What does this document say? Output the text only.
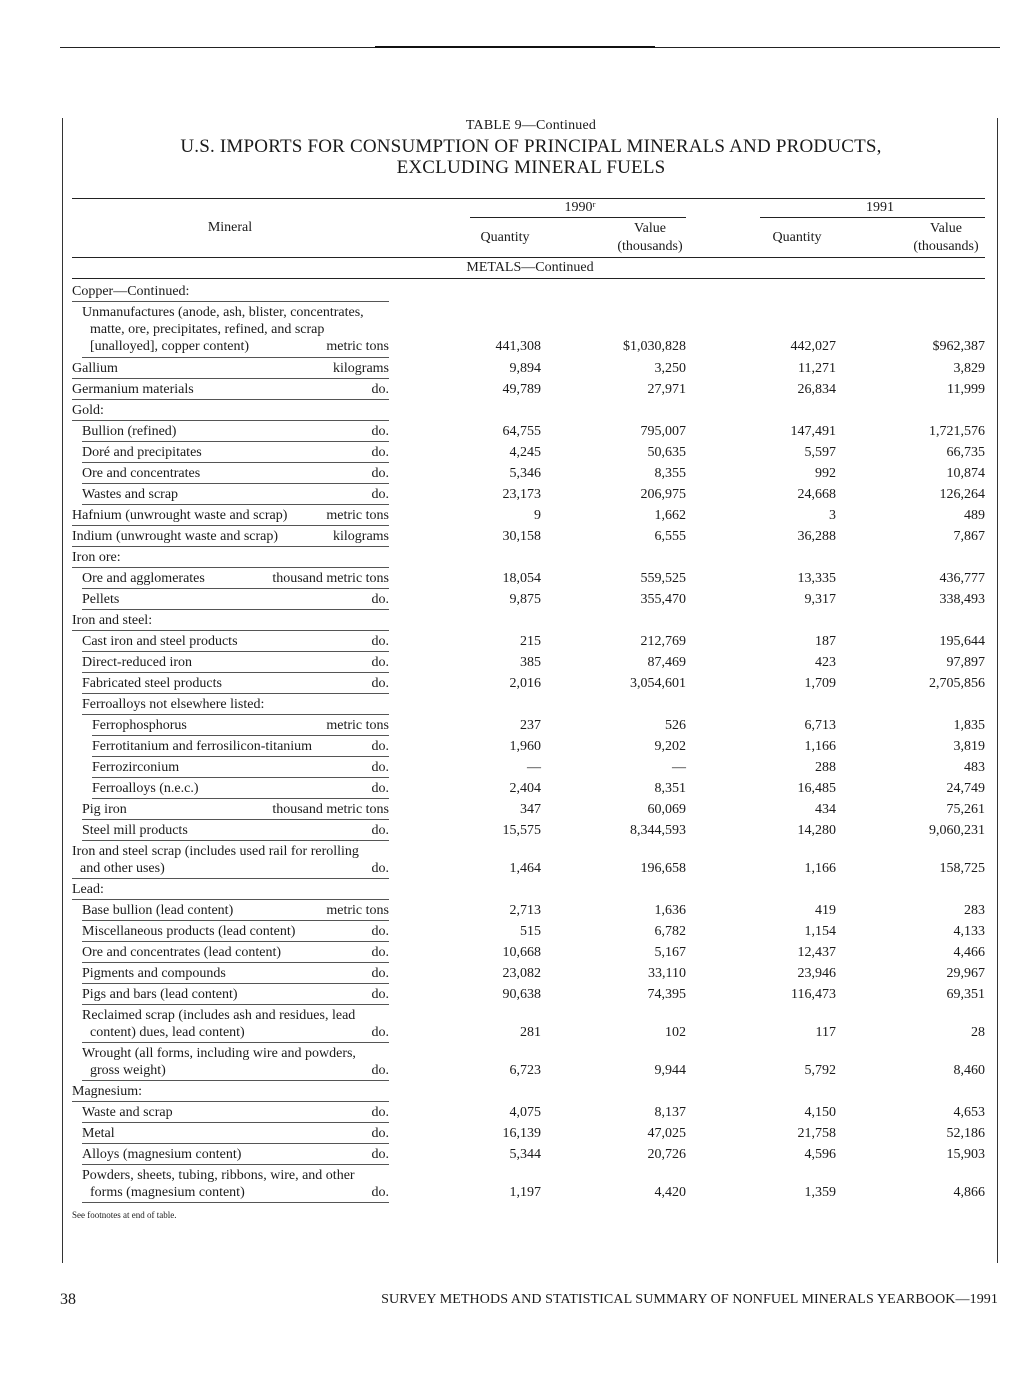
TABLE 9—Continued
U.S. IMPORTS FOR CONSUMPTION OF PRINCIPAL MINERALS AND PRODUCTS,
EXCLUDING MINERAL FUELS
Mineral
1990ʳ	1991
Quantity
Value
(thousands)
Quantity
Value
(thousands)
METALS—Continued
Copper—Continued:
Unmanufactures (anode, ash, blister, concentrates,
matte, ore, precipitates, refined, and scrap
[unalloyed], copper content)	metric tons	441,308	$1,030,828	442,027	$962,387
Gallium	kilograms	9,894	3,250	11,271	3,829
Germanium materials	do.	49,789	27,971	26,834	11,999
Gold:
Bullion (refined)	do.	64,755	795,007	147,491	1,721,576
Doré and precipitates	do.	4,245	50,635	5,597	66,735
Ore and concentrates	do.	5,346	8,355	992	10,874
Wastes and scrap	do.	23,173	206,975	24,668	126,264
Hafnium (unwrought waste and scrap)	metric tons	9	1,662	3	489
Indium (unwrought waste and scrap)	kilograms	30,158	6,555	36,288	7,867
Iron ore:
Ore and agglomerates	thousand metric tons	18,054	559,525	13,335	436,777
Pellets	do.	9,875	355,470	9,317	338,493
Iron and steel:
Cast iron and steel products	do.	215	212,769	187	195,644
Direct-reduced iron	do.	385	87,469	423	97,897
Fabricated steel products	do.	2,016	3,054,601	1,709	2,705,856
Ferroalloys not elsewhere listed:
Ferrophosphorus	metric tons	237	526	6,713	1,835
Ferrotitanium and ferrosilicon-titanium	do.	1,960	9,202	1,166	3,819
Ferrozirconium	do.	—	—	288	483
Ferroalloys (n.e.c.)	do.	2,404	8,351	16,485	24,749
Pig iron	thousand metric tons	347	60,069	434	75,261
Steel mill products	do.	15,575	8,344,593	14,280	9,060,231
Iron and steel scrap (includes used rail for rerolling
and other uses)	do.	1,464	196,658	1,166	158,725
Lead:
Base bullion (lead content)	metric tons	2,713	1,636	419	283
Miscellaneous products (lead content)	do.	515	6,782	1,154	4,133
Ore and concentrates (lead content)	do.	10,668	5,167	12,437	4,466
Pigments and compounds	do.	23,082	33,110	23,946	29,967
Pigs and bars (lead content)	do.	90,638	74,395	116,473	69,351
Reclaimed scrap (includes ash and residues, lead
content) dues, lead content)	do.	281	102	117	28
Wrought (all forms, including wire and powders,
gross weight)	do.	6,723	9,944	5,792	8,460
Magnesium:
Waste and scrap	do.	4,075	8,137	4,150	4,653
Metal	do.	16,139	47,025	21,758	52,186
Alloys (magnesium content)	do.	5,344	20,726	4,596	15,903
Powders, sheets, tubing, ribbons, wire, and other
forms (magnesium content)	do.	1,197	4,420	1,359	4,866
See footnotes at end of table.
38	SURVEY METHODS AND STATISTICAL SUMMARY OF NONFUEL MINERALS YEARBOOK—1991
